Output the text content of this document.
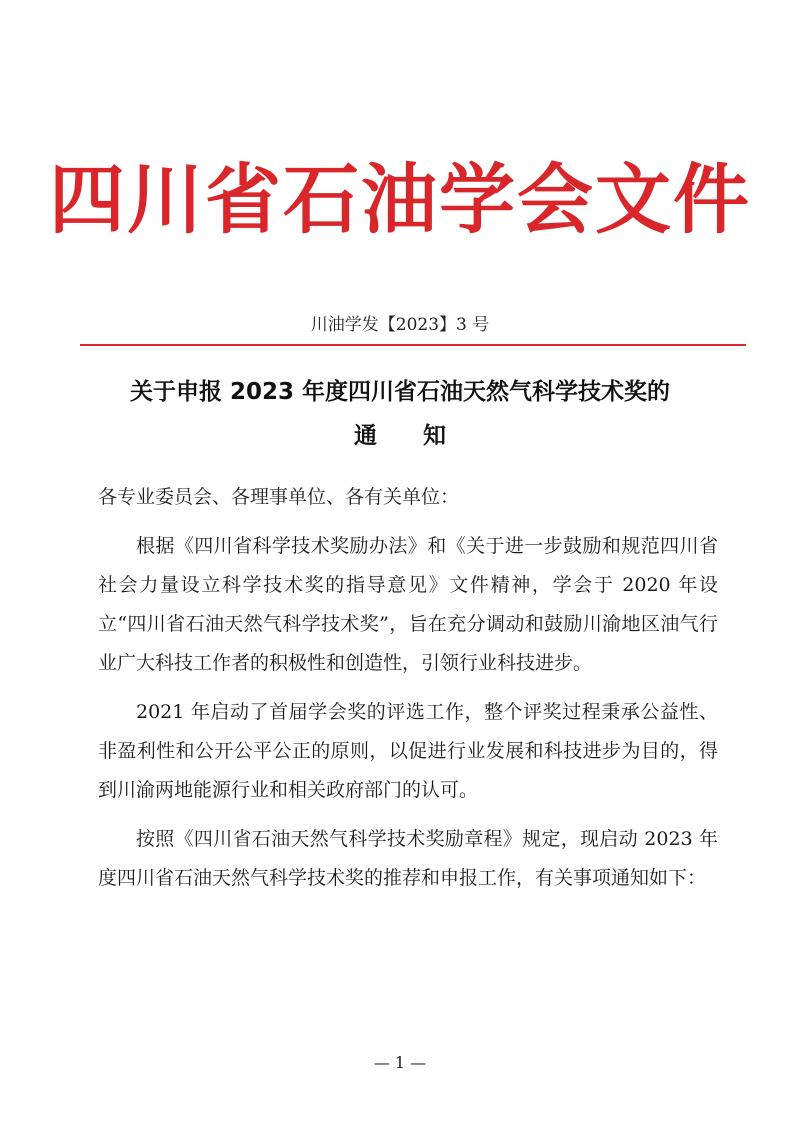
四川省石油学会文件
川油学发【2023】3 号
关于申报 2023 年度四川省石油天然气科学技术奖的
通知

各专业委员会、各理事单位、各有关单位：

根据《四川省科学技术奖励办法》和《关于进一步鼓励和规范四川省社会力量设立科学技术奖的指导意见》文件精神，学会于 2020 年设立“四川省石油天然气科学技术奖”，旨在充分调动和鼓励川渝地区油气行业广大科技工作者的积极性和创造性，引领行业科技进步。

2021 年启动了首届学会奖的评选工作，整个评奖过程秉承公益性、非盈利性和公开公平公正的原则，以促进行业发展和科技进步为目的，得到川渝两地能源行业和相关政府部门的认可。

按照《四川省石油天然气科学技术奖励章程》规定，现启动 2023 年度四川省石油天然气科学技术奖的推荐和申报工作，有关事项通知如下：

— 1 —
